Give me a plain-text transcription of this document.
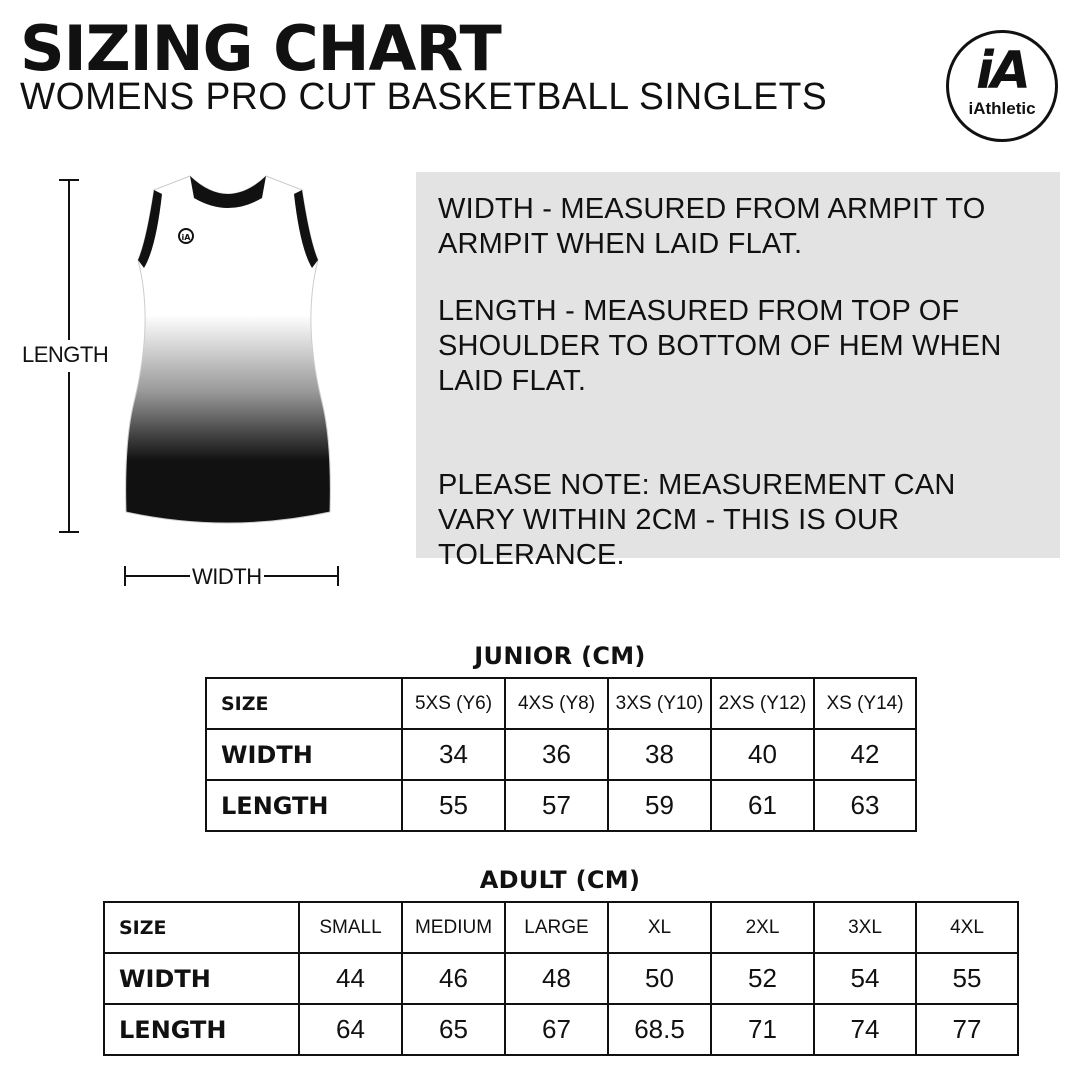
SIZING CHART
WOMENS PRO CUT BASKETBALL SINGLETS	iA
iAthletic
iA
LENGTH
WIDTH

WIDTH - MEASURED FROM ARMPIT TO ARMPIT WHEN LAID FLAT.

LENGTH - MEASURED FROM TOP OF SHOULDER TO BOTTOM OF HEM WHEN LAID FLAT.

PLEASE NOTE: MEASUREMENT CAN VARY WITHIN 2CM - THIS IS OUR TOLERANCE.

JUNIOR (CM)
SIZE	5XS (Y6)	4XS (Y8)	3XS (Y10)	2XS (Y12)	XS (Y14)
WIDTH	34	36	38	40	42
LENGTH	55	57	59	61	63
ADULT (CM)
SIZE	SMALL	MEDIUM	LARGE	XL	2XL	3XL	4XL
WIDTH	44	46	48	50	52	54	55
LENGTH	64	65	67	68.5	71	74	77
